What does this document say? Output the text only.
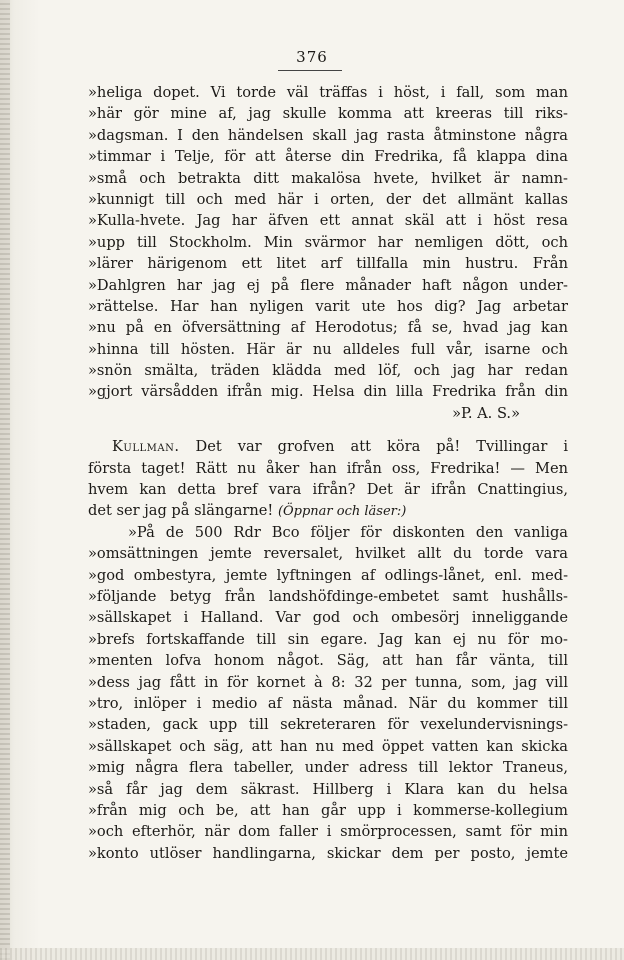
376
»heliga dopet. Vi torde väl träffas i höst, i fall, som man
»här gör mine af, jag skulle komma att kreeras till riks-
»dagsman. I den händelsen skall jag rasta åtminstone några
»timmar i Telje, för att återse din Fredrika, få klappa dina
»små och betrakta ditt makalösa hvete, hvilket är namn-
»kunnigt till och med här i orten, der det allmänt kallas
»Kulla-hvete. Jag har äfven ett annat skäl att i höst resa
»upp till Stockholm. Min svärmor har nemligen dött, och
»lärer härigenom ett litet arf tillfalla min hustru. Från
»Dahlgren har jag ej på flere månader haft någon under-
»rättelse. Har han nyligen varit ute hos dig? Jag arbetar
»nu på en öfversättning af Herodotus; få se, hvad jag kan
»hinna till hösten. Här är nu alldeles full vår, isarne och
»snön smälta, träden klädda med löf, och jag har redan
»gjort värsådden ifrån mig. Helsa din lilla Fredrika från din
»P. A. S.»
Kullman. Det var grofven att köra på! Tvillingar i
första taget! Rätt nu åker han ifrån oss, Fredrika! — Men
hvem kan detta bref vara ifrån? Det är ifrån Cnattingius,
det ser jag på slängarne! (Öppnar och läser:)
»På de 500 Rdr Bco följer för diskonten den vanliga
»omsättningen jemte reversalet, hvilket allt du torde vara
»god ombestyra, jemte lyftningen af odlings-lånet, enl. med-
»följande betyg från landshöfdinge-embetet samt hushålls-
»sällskapet i Halland. Var god och ombesörj inneliggande
»brefs fortskaffande till sin egare. Jag kan ej nu för mo-
»menten lofva honom något. Säg, att han får vänta, till
»dess jag fått in för kornet à 8: 32 per tunna, som, jag vill
»tro, inlöper i medio af nästa månad. När du kommer till
»staden, gack upp till sekreteraren för vexelundervisnings-
»sällskapet och säg, att han nu med öppet vatten kan skicka
»mig några flera tabeller, under adress till lektor Traneus,
»så får jag dem säkrast. Hillberg i Klara kan du helsa
»från mig och be, att han går upp i kommerse-kollegium
»och efterhör, när dom faller i smörprocessen, samt för min
»konto utlöser handlingarna, skickar dem per posto, jemte
